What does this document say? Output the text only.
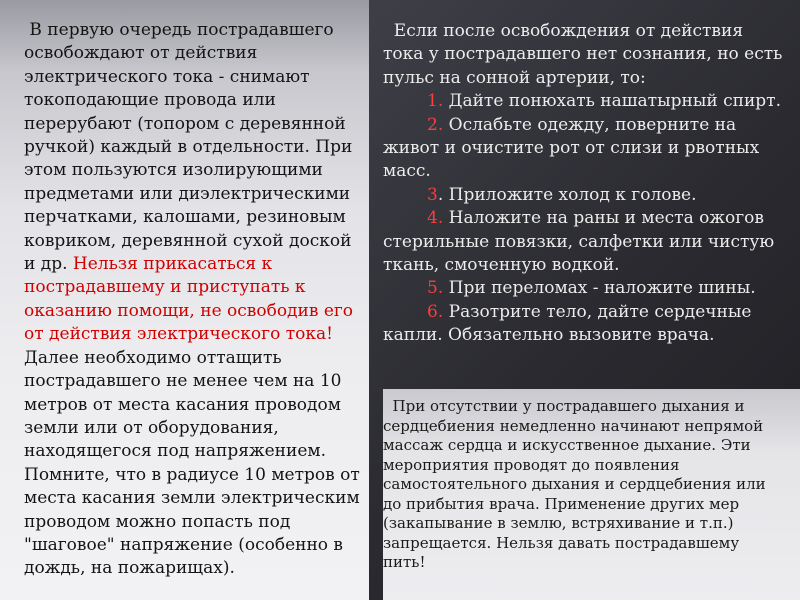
В первую очередь пострадавшего освобождают от действия электрического тока - снимают токоподающие провода или перерубают (топором с деревянной ручкой) каждый в отдельности. При этом пользуются изолирующими предметами или диэлектрическими перчатками, калошами, резиновым ковриком, деревянной сухой доской и др. Нельзя прикасаться к пострадавшему и приступать к оказанию помощи, не освободив его от действия электрического тока! Далее необходимо оттащить пострадавшего не менее чем на 10 метров от места касания проводом земли или от оборудования, находящегося под напряжением. Помните, что в радиусе 10 метров от места касания земли электрическим проводом можно попасть под "шаговое" напряжение (особенно в дождь, на пожарищах).

Если после освобождения от действия тока у пострадавшего нет сознания, но есть пульс на сонной артерии, то:

1. Дайте понюхать нашатырный спирт.

2. Ослабьте одежду, поверните на живот и очистите рот от слизи и рвотных масс.

3. Приложите холод к голове.

4. Наложите на раны и места ожогов стерильные повязки, салфетки или чистую ткань, смоченную водкой.

5. При переломах - наложите шины.

6. Разотрите тело, дайте сердечные капли. Обязательно вызовите врача.

При отсутствии у пострадавшего дыхания и сердцебиения немедленно начинают непрямой массаж сердца и искусственное дыхание. Эти мероприятия проводят до появления самостоятельного дыхания и сердцебиения или до прибытия врача. Применение других мер (закапывание в землю, встряхивание и т.п.) запрещается. Нельзя давать пострадавшему пить!
